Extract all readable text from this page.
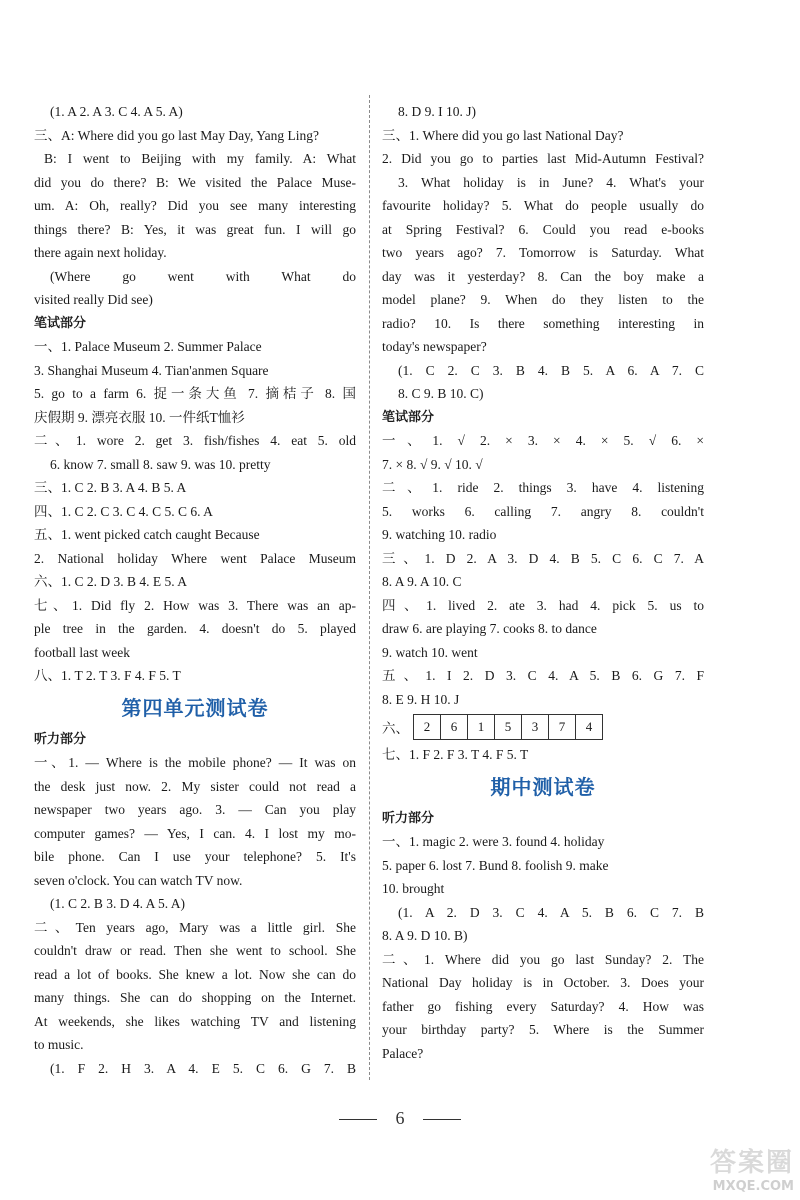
(1. A 2. A 3. C 4. A 5. A)
三、A: Where did you go last May Day, Yang Ling?
B: I went to Beijing with my family. A: What
did you do there? B: We visited the Palace Muse-
um. A: Oh, really? Did you see many interesting
things there? B: Yes, it was great fun. I will go
there again next holiday.
(Where go went with What do
visited really Did see)
笔试部分
一、1. Palace Museum 2. Summer Palace
3. Shanghai Museum 4. Tian'anmen Square
5. go to a farm 6. 捉一条大鱼 7. 摘桔子 8. 国
庆假期 9. 漂亮衣服 10. 一件纸T恤衫
二、1. wore 2. get 3. fish/fishes 4. eat 5. old
6. know 7. small 8. saw 9. was 10. pretty
三、1. C 2. B 3. A 4. B 5. A
四、1. C 2. C 3. C 4. C 5. C 6. A
五、1. went picked catch caught Because
2. National holiday Where went Palace Museum
六、1. C 2. D 3. B 4. E 5. A
七、1. Did fly 2. How was 3. There was an ap-
ple tree in the garden. 4. doesn't do 5. played
football last week
八、1. T 2. T 3. F 4. F 5. T
第四单元测试卷
听力部分
一、1. — Where is the mobile phone? — It was on
the desk just now. 2. My sister could not read a
newspaper two years ago. 3. — Can you play
computer games? — Yes, I can. 4. I lost my mo-
bile phone. Can I use your telephone? 5. It's
seven o'clock. You can watch TV now.
(1. C 2. B 3. D 4. A 5. A)
二、Ten years ago, Mary was a little girl. She
couldn't draw or read. Then she went to school. She
read a lot of books. She knew a lot. Now she can do
many things. She can do shopping on the Internet.
At weekends, she likes watching TV and listening
to music.
(1. F 2. H 3. A 4. E 5. C 6. G 7. B
8. D 9. I 10. J)
三、1. Where did you go last National Day?
2. Did you go to parties last Mid-Autumn Festival?
3. What holiday is in June? 4. What's your
favourite holiday? 5. What do people usually do
at Spring Festival? 6. Could you read e-books
two years ago? 7. Tomorrow is Saturday. What
day was it yesterday? 8. Can the boy make a
model plane? 9. When do they listen to the
radio? 10. Is there something interesting in
today's newspaper?
(1. C 2. C 3. B 4. B 5. A 6. A 7. C
8. C 9. B 10. C)
笔试部分
一、1. √ 2. × 3. × 4. × 5. √ 6. ×
7. × 8. √ 9. √ 10. √
二、1. ride 2. things 3. have 4. listening
5. works 6. calling 7. angry 8. couldn't
9. watching 10. radio
三、1. D 2. A 3. D 4. B 5. C 6. C 7. A
8. A 9. A 10. C
四、1. lived 2. ate 3. had 4. pick 5. us to
draw 6. are playing 7. cooks 8. to dance
9. watch 10. went
五、1. I 2. D 3. C 4. A 5. B 6. G 7. F
8. E 9. H 10. J
六、	2	6	1	5	3	7	4
七、1. F 2. F 3. T 4. F 5. T
期中测试卷
听力部分
一、1. magic 2. were 3. found 4. holiday
5. paper 6. lost 7. Bund 8. foolish 9. make
10. brought
(1. A 2. D 3. C 4. A 5. B 6. C 7. B
8. A 9. D 10. B)
二、1. Where did you go last Sunday? 2. The
National Day holiday is in October. 3. Does your
father go fishing every Saturday? 4. How was
your birthday party? 5. Where is the Summer
Palace?
6
答案圈
MXQE.COM
